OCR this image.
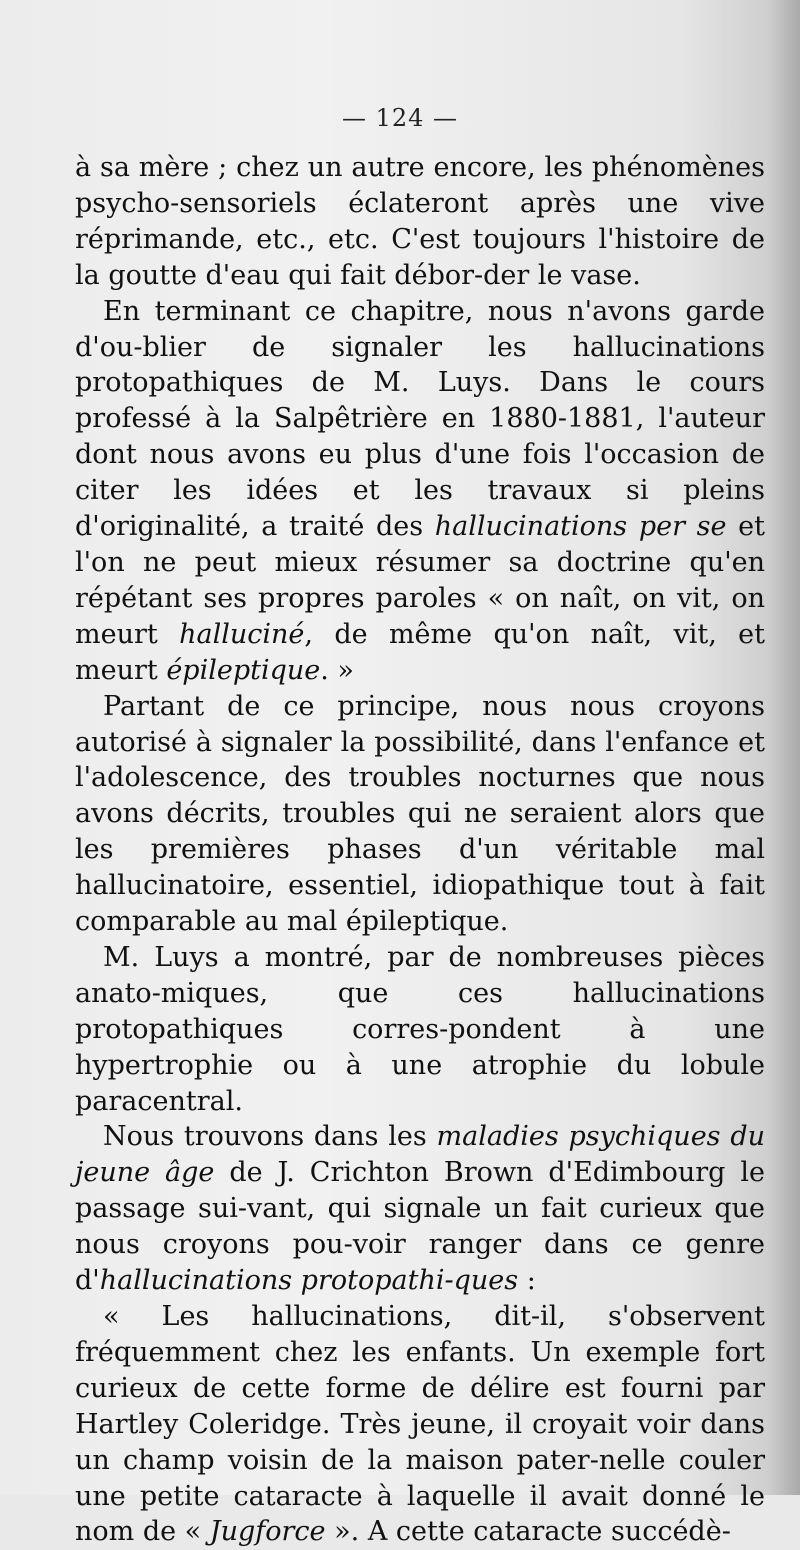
— 124 —

à sa mère ; chez un autre encore, les phénomènes psycho-sensoriels éclateront après une vive réprimande, etc., etc. C'est toujours l'histoire de la goutte d'eau qui fait débor-der le vase.

En terminant ce chapitre, nous n'avons garde d'ou-blier de signaler les hallucinations protopathiques de M. Luys. Dans le cours professé à la Salpêtrière en 1880-1881, l'auteur dont nous avons eu plus d'une fois l'occasion de citer les idées et les travaux si pleins d'originalité, a traité des hallucinations per se et l'on ne peut mieux résumer sa doctrine qu'en répétant ses propres paroles « on naît, on vit, on meurt halluciné, de même qu'on naît, vit, et meurt épileptique. »

Partant de ce principe, nous nous croyons autorisé à signaler la possibilité, dans l'enfance et l'adolescence, des troubles nocturnes que nous avons décrits, troubles qui ne seraient alors que les premières phases d'un véritable mal hallucinatoire, essentiel, idiopathique tout à fait comparable au mal épileptique.

M. Luys a montré, par de nombreuses pièces anato-miques, que ces hallucinations protopathiques corres-pondent à une hypertrophie ou à une atrophie du lobule paracentral.

Nous trouvons dans les maladies psychiques du jeune âge de J. Crichton Brown d'Edimbourg le passage sui-vant, qui signale un fait curieux que nous croyons pou-voir ranger dans ce genre d'hallucinations protopathi-ques :

« Les hallucinations, dit-il, s'observent fréquemment chez les enfants. Un exemple fort curieux de cette forme de délire est fourni par Hartley Coleridge. Très jeune, il croyait voir dans un champ voisin de la maison pater-nelle couler une petite cataracte à laquelle il avait donné le nom de « Jugforce ». A cette cataracte succédè-
